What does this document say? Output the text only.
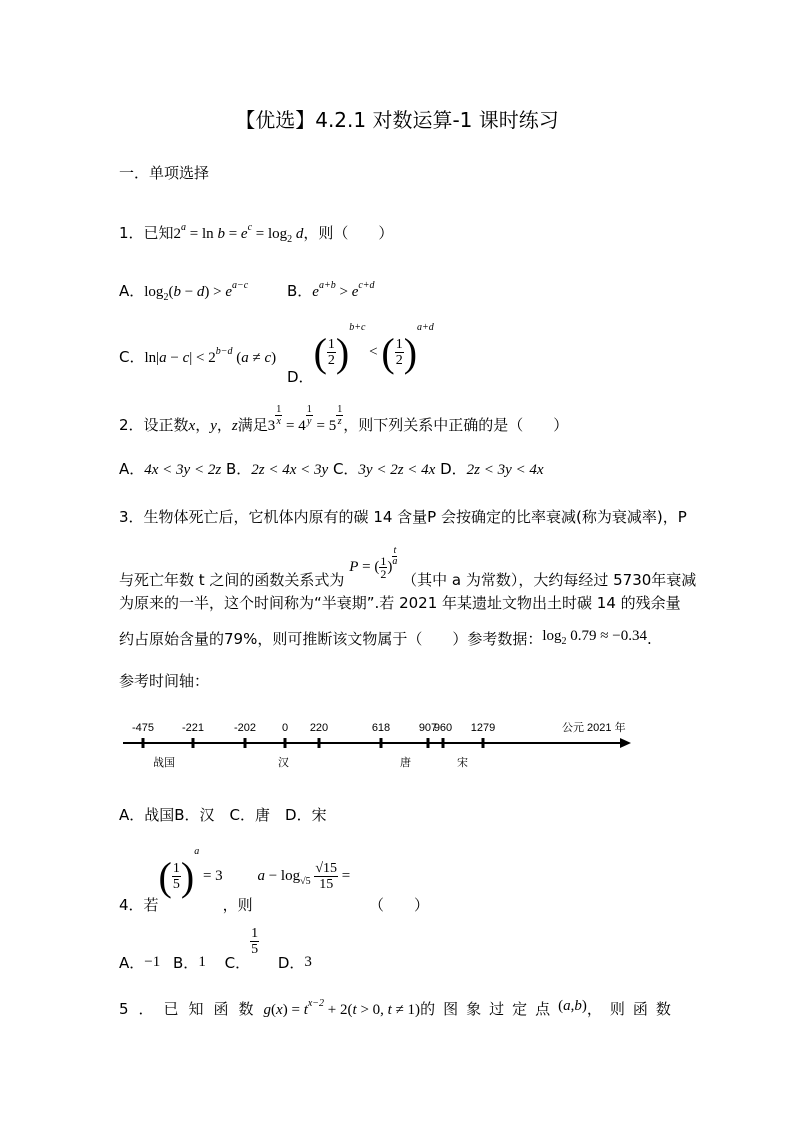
【优选】4.2.1 对数运算-1 课时练习
一．单项选择
1．已知$2^a = \ln b = e^c = \log_2 d$，则（　　）
A．$\log_2(b - d) > e^{a-c}$	B．$e^{a+b} > e^{c+d}$
C．$\ln|a - c| < 2^{b-d}$ (a ≠ c)
D．( $\frac{1}{2} )^{b+c}$ < ( $\frac{1}{2} )^{a+d}$
2．设正数x，y，z满足3 $^{\frac{1}{x}}$ = 4 $^{\frac{1}{y}}$ = 5 $^{\frac{1}{z}}$ ，则下列关系中正确的是（　　）
A．4x < 3y < 2z B．2z < 4x < 3y C．3y < 2z < 4x D．2z < 3y < 4x
3．生物体死亡后，它机体内原有的碳 14 含量P 会按确定的比率衰减(称为衰减率)，P
与死亡年数 t 之间的函数关系式为 P = ( $\frac{1}{2}$ ) $^{\frac{t}{a}}$
（其中 a 为常数），大约每经过 5730年衰减
为原来的一半，这个时间称为“半衰期”.若 2021 年某遗址文物出土时碳 14 的残余量
约占原始含量的79%，则可推断该文物属于（　　）参考数据：$\log_2 0.79 \approx -0.34$.
参考时间轴：
-475	-221	-202 0 220	618	907
960 1279	公元 2021 年
战国	汉	唐	宋
A．战国B．汉　C．唐　D．宋
4．若( $\frac{1}{5} )^a = 3$，则 $a - \log_{√5} \frac{√15}{15}$ = （　　）
A．−1 B．1 C．
$\frac{1}{5}$
D．3
5．已知函数 $g(x) = t^{x-2} + 2(t > 0$, t ≠ 1) 的图象过定点 (a,b) ，则函数
